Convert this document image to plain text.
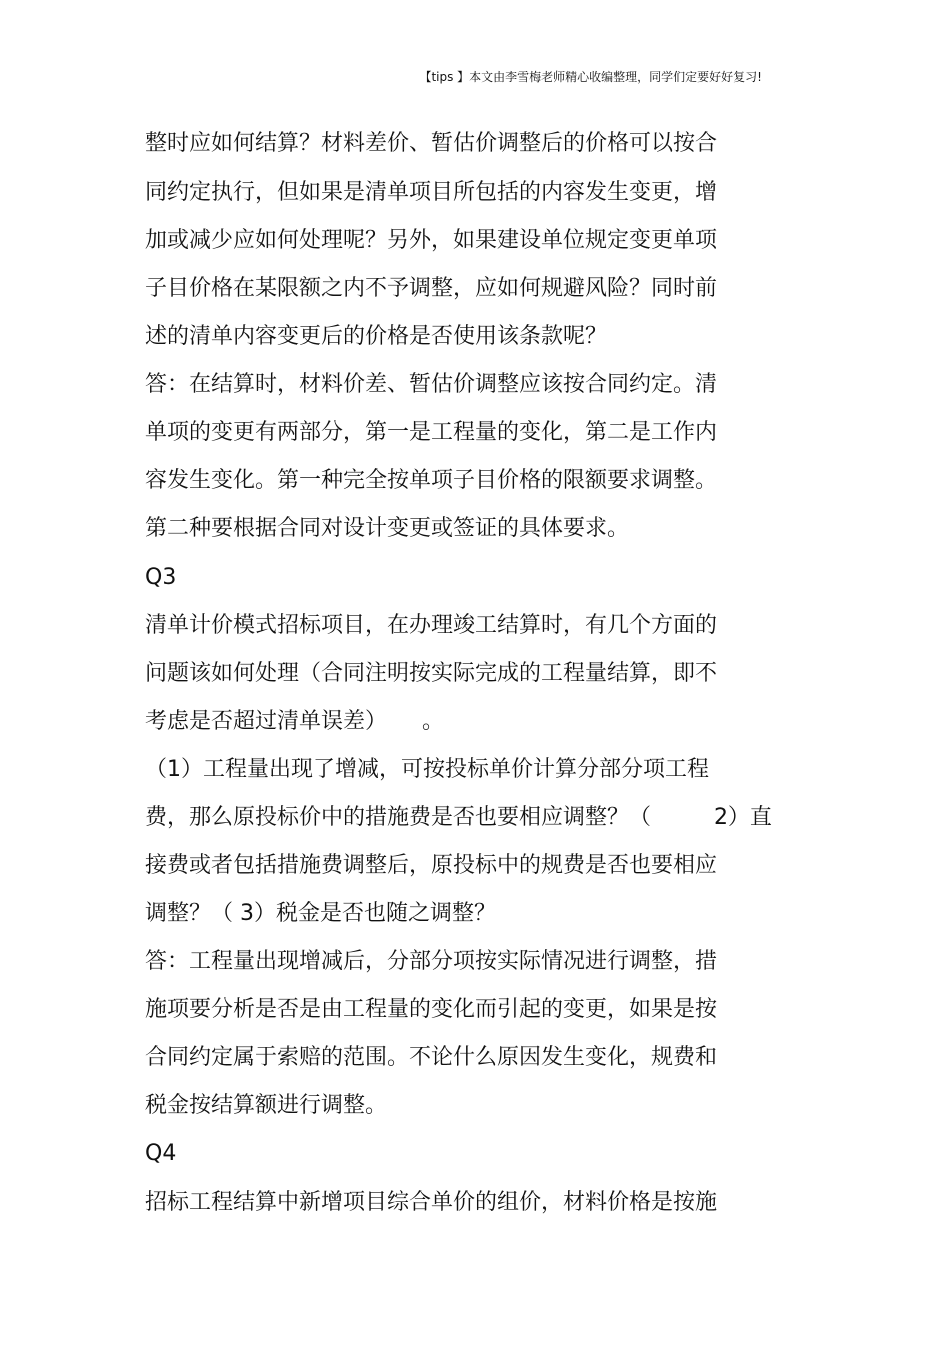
【tips 】本文由李雪梅老师精心收编整理，同学们定要好好复习!
整时应如何结算？材料差价、暂估价调整后的价格可以按合
同约定执行，但如果是清单项目所包括的内容发生变更，增
加或减少应如何处理呢？另外，如果建设单位规定变更单项
子目价格在某限额之内不予调整，应如何规避风险？同时前
述的清单内容变更后的价格是否使用该条款呢？
答：在结算时，材料价差、暂估价调整应该按合同约定。清
单项的变更有两部分，第一是工程量的变化，第二是工作内
容发生变化。第一种完全按单项子目价格的限额要求调整。
第二种要根据合同对设计变更或签证的具体要求。
Q3
清单计价模式招标项目，在办理竣工结算时，有几个方面的
问题该如何处理（合同注明按实际完成的工程量结算，即不
考虑是否超过清单误差）     。
（1）工程量出现了增减，可按投标单价计算分部分项工程
费，那么原投标价中的措施费是否也要相应调整？（         2）直
接费或者包括措施费调整后，原投标中的规费是否也要相应
调整？（ 3）税金是否也随之调整？
答：工程量出现增减后，分部分项按实际情况进行调整，措
施项要分析是否是由工程量的变化而引起的变更，如果是按
合同约定属于索赔的范围。不论什么原因发生变化，规费和
税金按结算额进行调整。
Q4
招标工程结算中新增项目综合单价的组价，材料价格是按施
